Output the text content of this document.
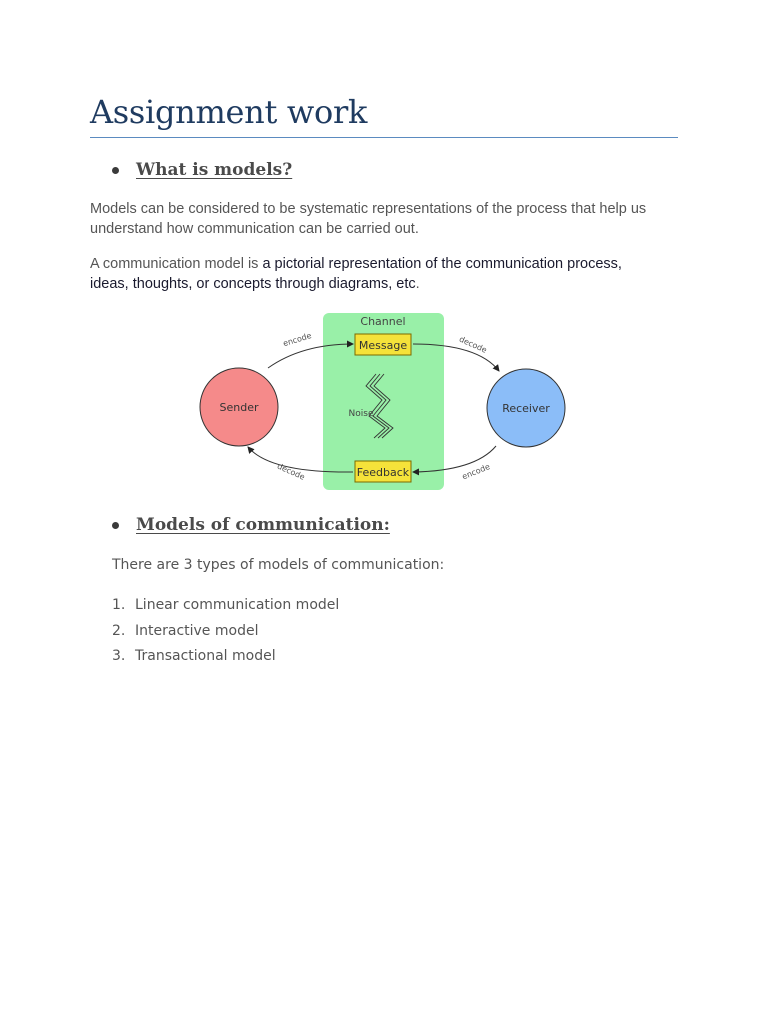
Assignment work
What is models?

Models can be considered to be systematic representations of the process that help us
understand how communication can be carried out.

A communication model is a pictorial representation of the communication process,
ideas, thoughts, or concepts through diagrams, etc.

Channel
Message
Feedback
Noise
Sender	Receiver
encode	decode
decode	encode
Models of communication:

There are 3 types of models of communication:

1. Linear communication model
2. Interactive model
3. Transactional model
